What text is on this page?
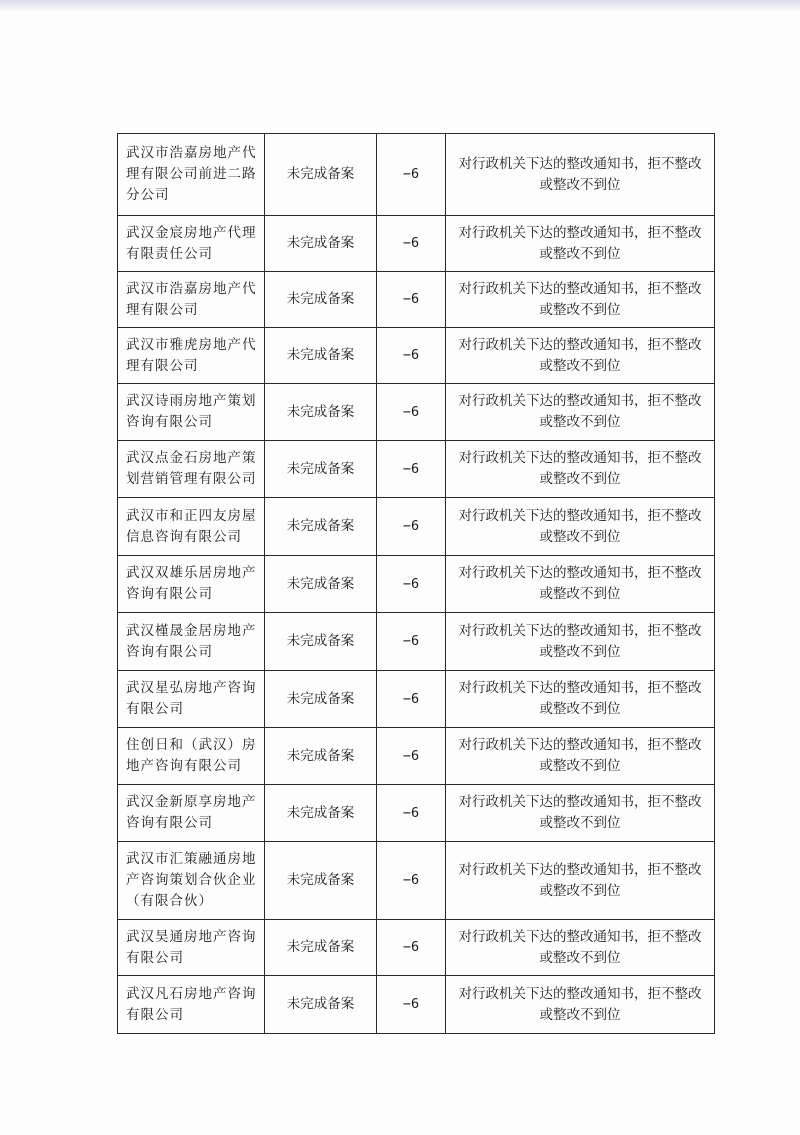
武汉市浩嘉房地产代理有限公司前进二路分公司	未完成备案	−6	对行政机关下达的整改通知书，拒不整改或整改不到位
武汉金宸房地产代理有限责任公司	未完成备案	−6	对行政机关下达的整改通知书，拒不整改或整改不到位
武汉市浩嘉房地产代理有限公司	未完成备案	−6	对行政机关下达的整改通知书，拒不整改或整改不到位
武汉市雅虎房地产代理有限公司	未完成备案	−6	对行政机关下达的整改通知书，拒不整改或整改不到位
武汉诗雨房地产策划咨询有限公司	未完成备案	−6	对行政机关下达的整改通知书，拒不整改或整改不到位
武汉点金石房地产策划营销管理有限公司	未完成备案	−6	对行政机关下达的整改通知书，拒不整改或整改不到位
武汉市和正四友房屋信息咨询有限公司	未完成备案	−6	对行政机关下达的整改通知书，拒不整改或整改不到位
武汉双雄乐居房地产咨询有限公司	未完成备案	−6	对行政机关下达的整改通知书，拒不整改或整改不到位
武汉槿晟金居房地产咨询有限公司	未完成备案	−6	对行政机关下达的整改通知书，拒不整改或整改不到位
武汉星弘房地产咨询有限公司	未完成备案	−6	对行政机关下达的整改通知书，拒不整改或整改不到位
住创日和（武汉）房地产咨询有限公司	未完成备案	−6	对行政机关下达的整改通知书，拒不整改或整改不到位
武汉金新原享房地产咨询有限公司	未完成备案	−6	对行政机关下达的整改通知书，拒不整改或整改不到位
武汉市汇策融通房地产咨询策划合伙企业（有限合伙）	未完成备案	−6	对行政机关下达的整改通知书，拒不整改或整改不到位
武汉昊通房地产咨询有限公司	未完成备案	−6	对行政机关下达的整改通知书，拒不整改或整改不到位
武汉凡石房地产咨询有限公司	未完成备案	−6	对行政机关下达的整改通知书，拒不整改或整改不到位
